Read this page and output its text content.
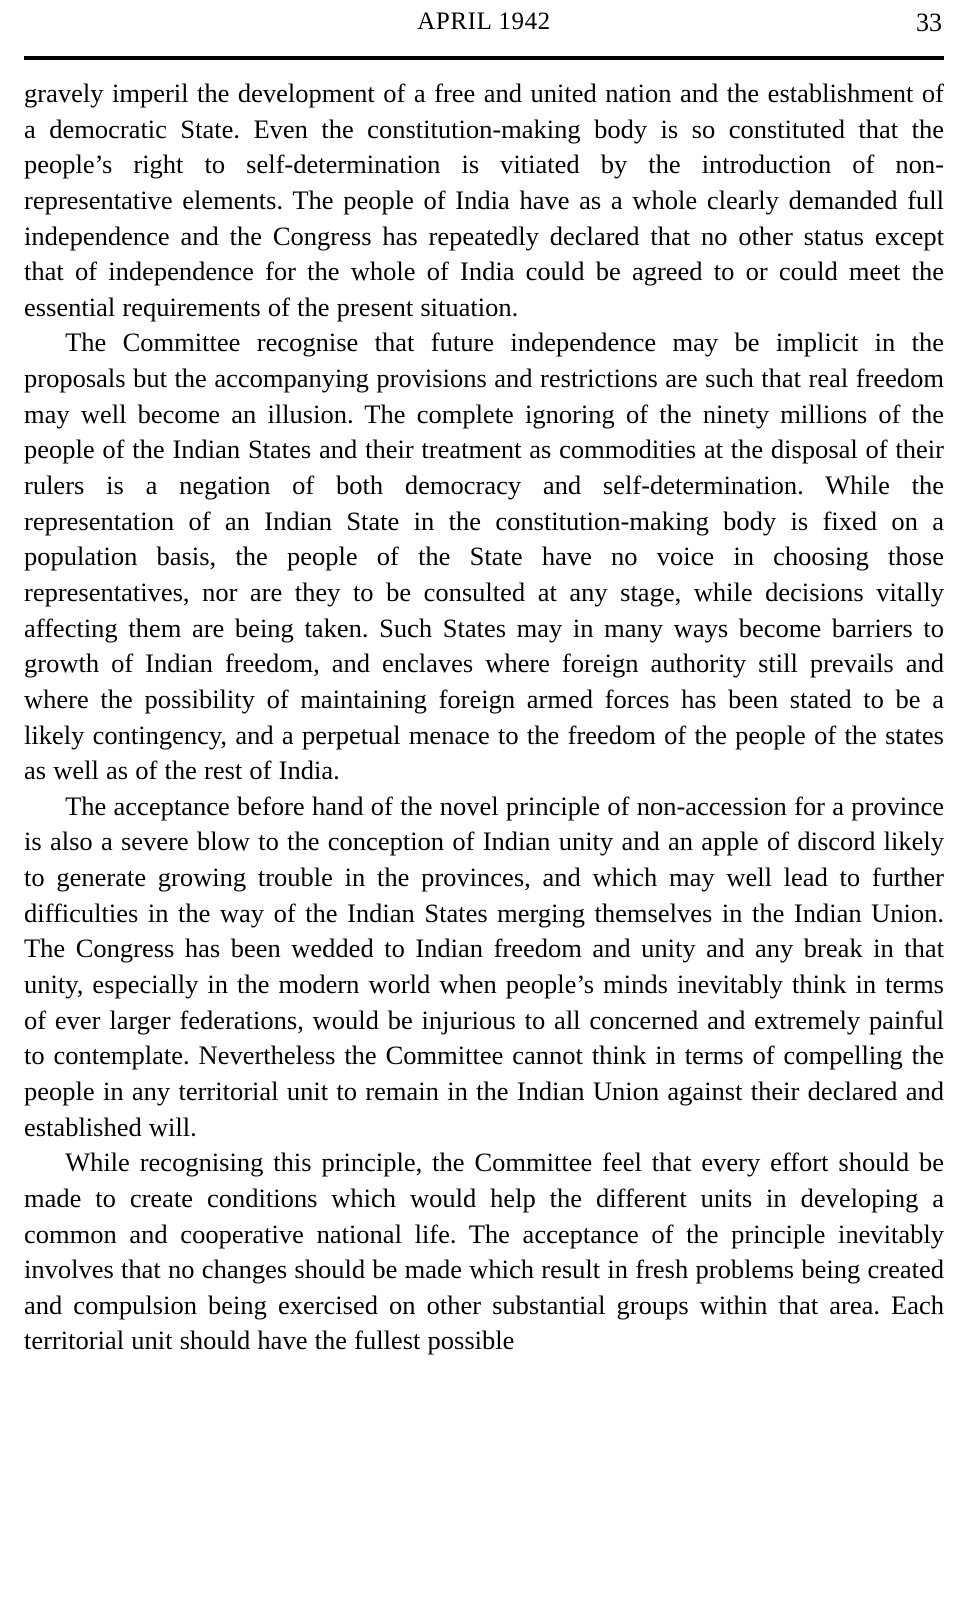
APRIL 1942	33

gravely imperil the development of a free and united nation and the establishment of a democratic State. Even the constitution-making body is so constituted that the people’s right to self-determination is vitiated by the introduction of non-representative elements. The people of India have as a whole clearly demanded full independence and the Congress has repeatedly declared that no other status except that of independence for the whole of India could be agreed to or could meet the essential requirements of the present situation.

The Committee recognise that future independence may be implicit in the proposals but the accompanying provisions and restrictions are such that real freedom may well become an illusion. The complete ignoring of the ninety millions of the people of the Indian States and their treatment as commodities at the disposal of their rulers is a negation of both democracy and self-determination. While the representation of an Indian State in the constitution-making body is fixed on a population basis, the people of the State have no voice in choosing those representatives, nor are they to be consulted at any stage, while decisions vitally affecting them are being taken. Such States may in many ways become barriers to growth of Indian freedom, and enclaves where foreign authority still prevails and where the possibility of maintaining foreign armed forces has been stated to be a likely contingency, and a perpetual menace to the freedom of the people of the states as well as of the rest of India.

The acceptance before hand of the novel principle of non-accession for a province is also a severe blow to the conception of Indian unity and an apple of discord likely to generate growing trouble in the provinces, and which may well lead to further difficulties in the way of the Indian States merging themselves in the Indian Union. The Congress has been wedded to Indian freedom and unity and any break in that unity, especially in the modern world when people’s minds inevitably think in terms of ever larger federations, would be injurious to all concerned and extremely painful to contemplate. Nevertheless the Committee cannot think in terms of compelling the people in any territorial unit to remain in the Indian Union against their declared and established will.

While recognising this principle, the Committee feel that every effort should be made to create conditions which would help the different units in developing a common and cooperative national life. The acceptance of the principle inevitably involves that no changes should be made which result in fresh problems being created and compulsion being exercised on other substantial groups within that area. Each territorial unit should have the fullest possible
